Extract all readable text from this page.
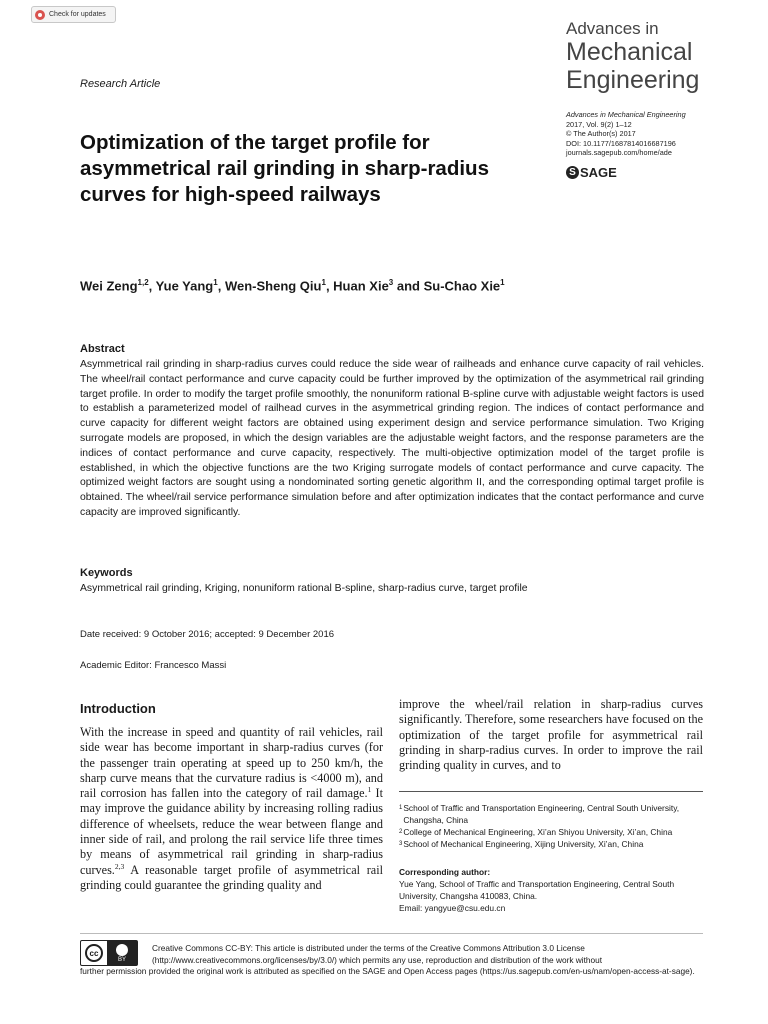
Check for updates
Advances in
Mechanical
Engineering
Research Article
Advances in Mechanical Engineering
2017, Vol. 9(2) 1–12
© The Author(s) 2017
DOI: 10.1177/1687814016687196
journals.sagepub.com/home/ade
S SAGE
Optimization of the target profile for asymmetrical rail grinding in sharp-radius curves for high-speed railways
Wei Zeng$^{1,2}$, Yue Yang$^1$, Wen-Sheng Qiu$^1$, Huan Xie$^3$ and Su-Chao Xie$^1$
Abstract

Asymmetrical rail grinding in sharp-radius curves could reduce the side wear of railheads and enhance curve capacity of rail vehicles. The wheel/rail contact performance and curve capacity could be further improved by the optimization of the asymmetrical rail grinding target profile. In order to modify the target profile smoothly, the nonuniform rational B-spline curve with adjustable weight factors is used to establish a parameterized model of railhead curves in the asymmetrical grinding region. The indices of contact performance and curve capacity for different weight factors are obtained using experiment design and service performance simulation. Two Kriging surrogate models are proposed, in which the design variables are the adjustable weight factors, and the response parameters are the indices of contact performance and curve capacity, respectively. The multi-objective optimization model of the target profile is established, in which the objective functions are the two Kriging surrogate models of contact performance and curve capacity. The optimized weight factors are sought using a nondominated sorting genetic algorithm II, and the corresponding optimal target profile is obtained. The wheel/rail service performance simulation before and after optimization indicates that the contact performance and curve capacity are improved significantly.

Keywords
Asymmetrical rail grinding, Kriging, nonuniform rational B-spline, sharp-radius curve, target profile
Date received: 9 October 2016; accepted: 9 December 2016
Academic Editor: Francesco Massi
Introduction

With the increase in speed and quantity of rail vehicles, rail side wear has become important in sharp-radius curves (for the passenger train operating at speed up to 250 km/h, the sharp curve means that the curvature radius is <4000 m), and rail corrosion has fallen into the category of rail damage.$^1$ It may improve the guidance ability by increasing rolling radius difference of wheelsets, reduce the wear between flange and inner side of rail, and prolong the rail service life three times by means of asymmetrical rail grinding in sharp-radius curves.$^{2,3}$ A reasonable target profile of asymmetrical rail grinding could guarantee the grinding quality and

improve the wheel/rail relation in sharp-radius curves significantly. Therefore, some researchers have focused on the optimization of the target profile for asymmetrical rail grinding in sharp-radius curves. In order to improve the rail grinding quality in curves, and to

1 School of Traffic and Transportation Engineering, Central South University, Changsha, China
2 College of Mechanical Engineering, Xi’an Shiyou University, Xi’an, China
3 School of Mechanical Engineering, Xijing University, Xi’an, China
Corresponding author:
Yue Yang, School of Traffic and Transportation Engineering, Central South University, Changsha 410083, China.
Email: yangyue@csu.edu.cn
cc
BY
Creative Commons CC-BY: This article is distributed under the terms of the Creative Commons Attribution 3.0 License (http://www.creativecommons.org/licenses/by/3.0/) which permits any use, reproduction and distribution of the work without
further permission provided the original work is attributed as specified on the SAGE and Open Access pages (https://us.sagepub.com/en-us/nam/open-access-at-sage).
